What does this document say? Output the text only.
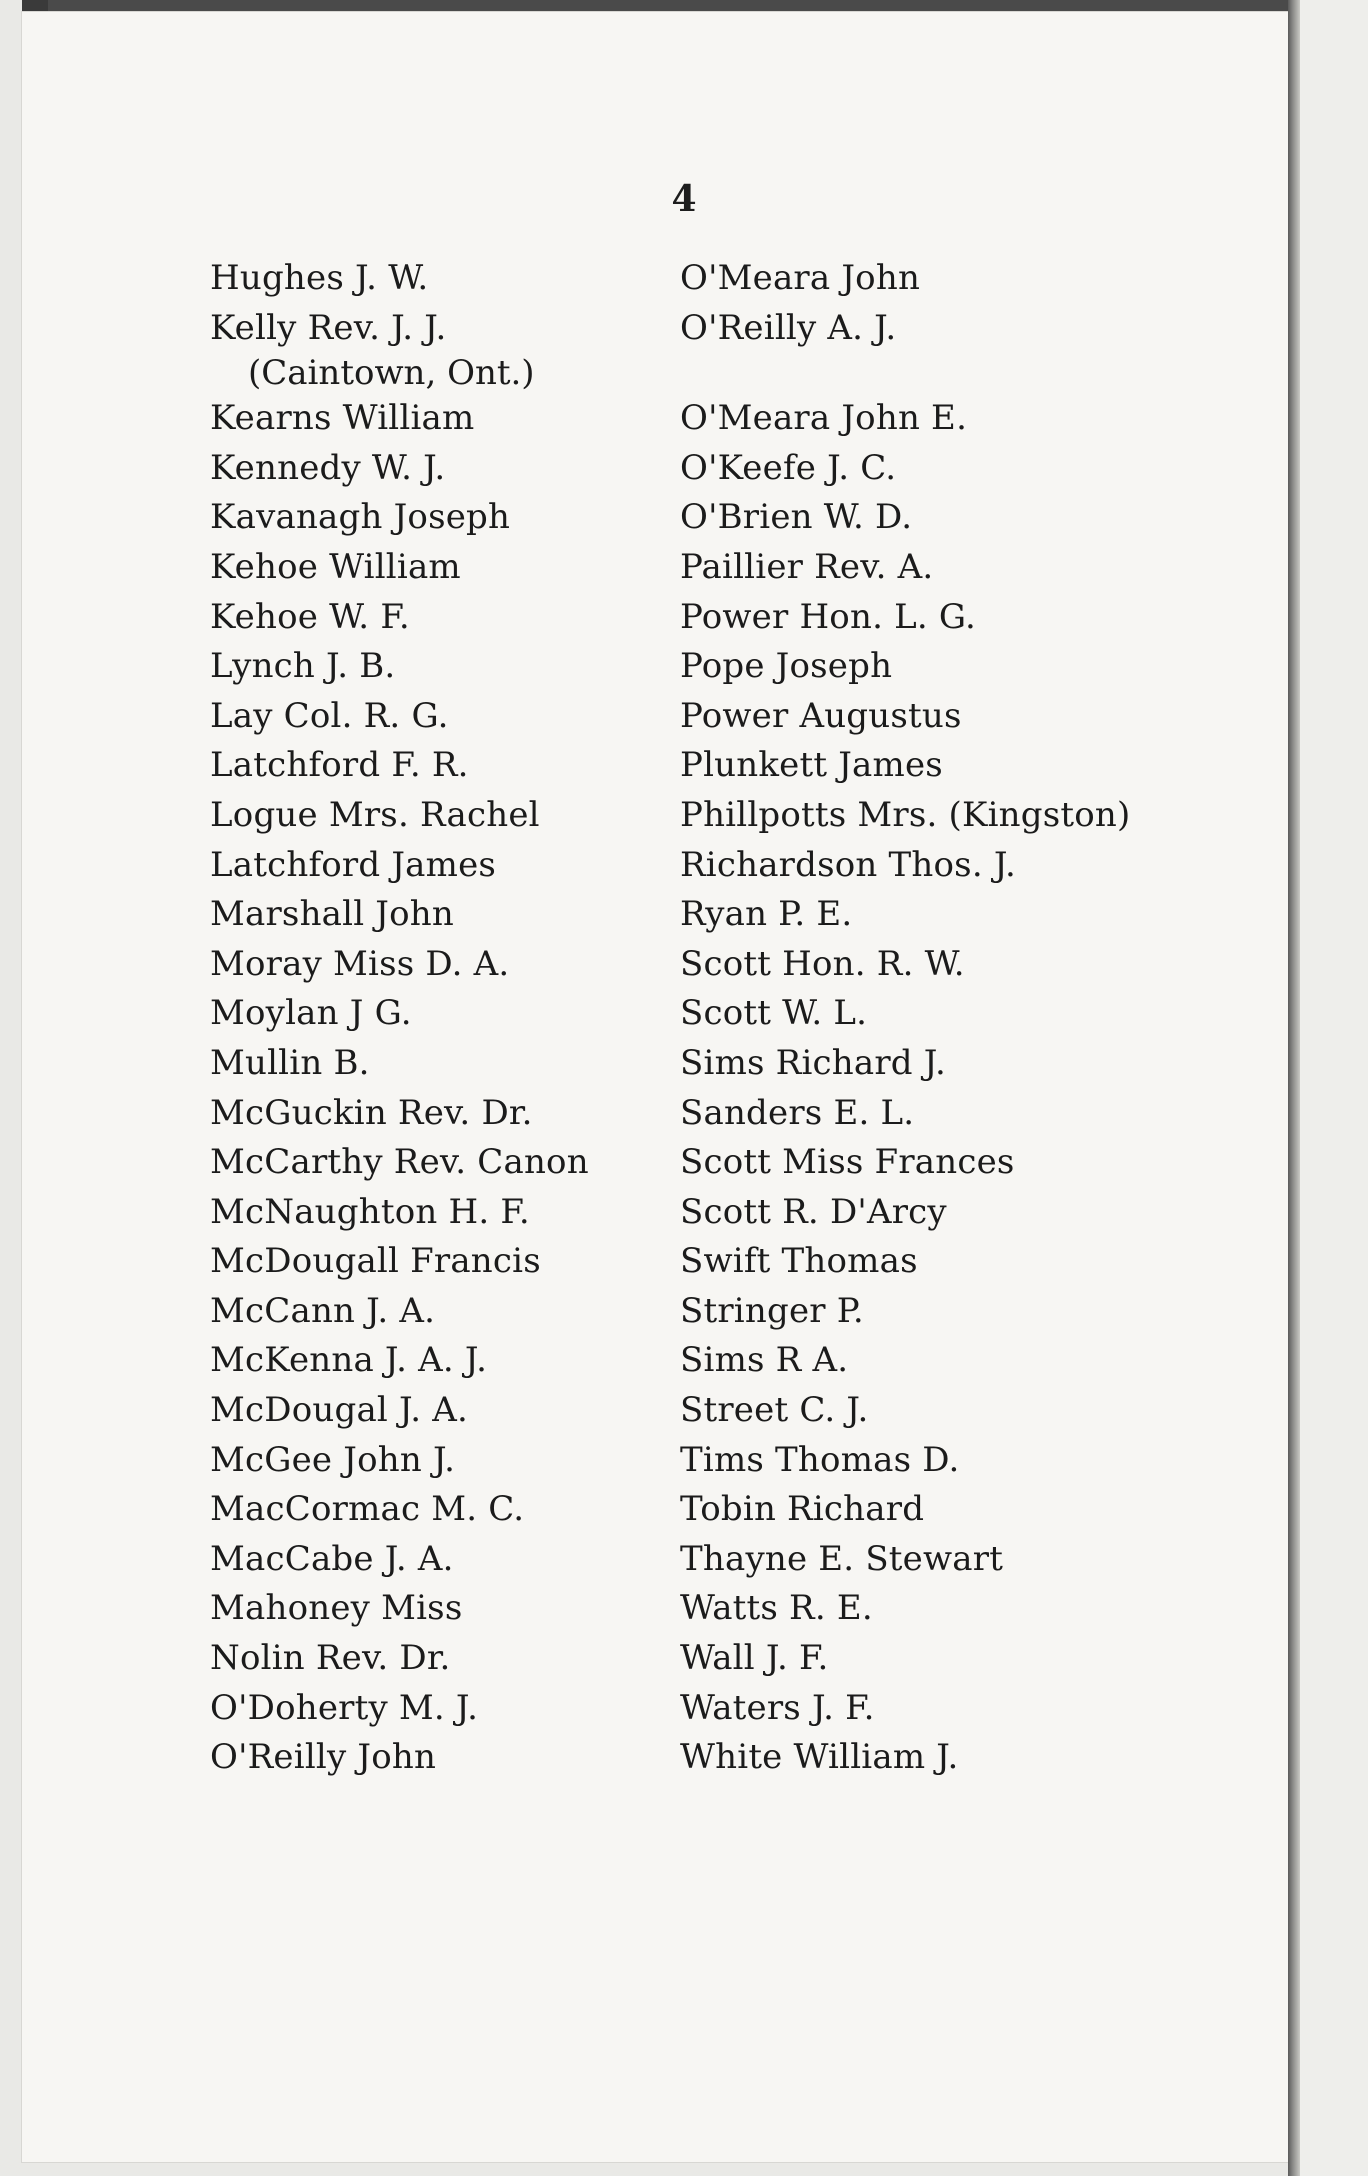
4
Hughes J. W.
Kelly Rev. J. J.
(Caintown, Ont.)
Kearns William
Kennedy W. J.
Kavanagh Joseph
Kehoe William
Kehoe W. F.
Lynch J. B.
Lay Col. R. G.
Latchford F. R.
Logue Mrs. Rachel
Latchford James
Marshall John
Moray Miss D. A.
Moylan J G.
Mullin B.
McGuckin Rev. Dr.
McCarthy Rev. Canon
McNaughton H. F.
McDougall Francis
McCann J. A.
McKenna J. A. J.
McDougal J. A.
McGee John J.
MacCormac M. C.
MacCabe J. A.
Mahoney Miss
Nolin Rev. Dr.
O'Doherty M. J.
O'Reilly John
O'Meara John
O'Reilly A. J.
O'Meara John E.
O'Keefe J. C.
O'Brien W. D.
Paillier Rev. A.
Power Hon. L. G.
Pope Joseph
Power Augustus
Plunkett James
Phillpotts Mrs. (Kingston)
Richardson Thos. J.
Ryan P. E.
Scott Hon. R. W.
Scott W. L.
Sims Richard J.
Sanders E. L.
Scott Miss Frances
Scott R. D'Arcy
Swift Thomas
Stringer P.
Sims R A.
Street C. J.
Tims Thomas D.
Tobin Richard
Thayne E. Stewart
Watts R. E.
Wall J. F.
Waters J. F.
White William J.
